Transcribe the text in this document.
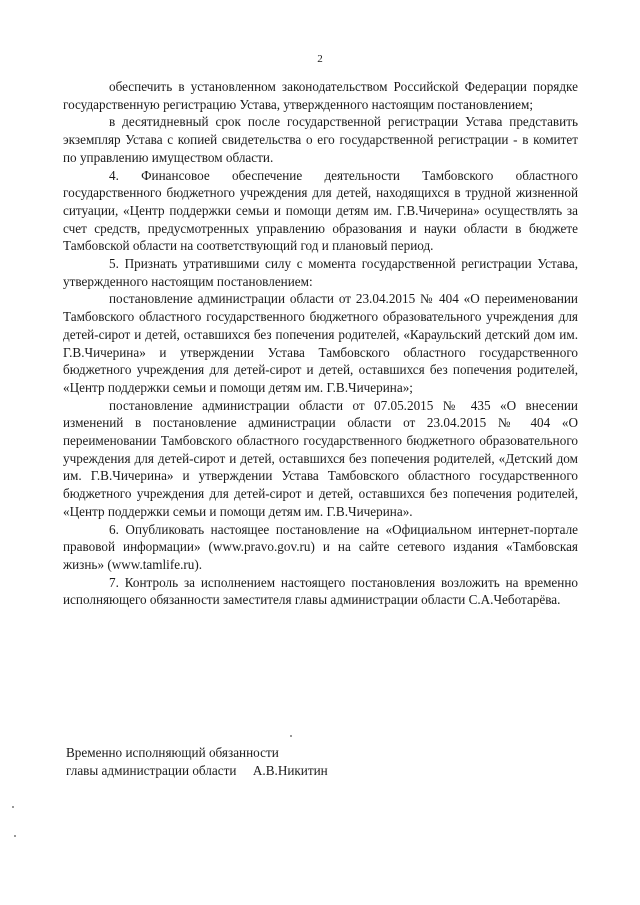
2

обеспечить в установленном законодательством Российской Федерации порядке государственную регистрацию Устава, утвержденного настоящим постановлением;

в десятидневный срок после государственной регистрации Устава представить экземпляр Устава с копией свидетельства о его государственной регистрации - в комитет по управлению имуществом области.

4. Финансовое обеспечение деятельности Тамбовского областного государственного бюджетного учреждения для детей, находящихся в трудной жизненной ситуации, «Центр поддержки семьи и помощи детям им. Г.В.Чичерина» осуществлять за счет средств, предусмотренных управлению образования и науки области в бюджете Тамбовской области на соответствующий год и плановый период.

5. Признать утратившими силу с момента государственной регистрации Устава, утвержденного настоящим постановлением:

постановление администрации области от 23.04.2015 № 404 «О переименовании Тамбовского областного государственного бюджетного образовательного учреждения для детей-сирот и детей, оставшихся без попечения родителей, «Караульский детский дом им. Г.В.Чичерина» и утверждении Устава Тамбовского областного государственного бюджетного учреждения для детей-сирот и детей, оставшихся без попечения родителей, «Центр поддержки семьи и помощи детям им. Г.В.Чичерина»;

постановление администрации области от 07.05.2015 № 435 «О внесении изменений в постановление администрации области от 23.04.2015 № 404 «О переименовании Тамбовского областного государственного бюджетного образовательного учреждения для детей-сирот и детей, оставшихся без попечения родителей, «Детский дом им. Г.В.Чичерина» и утверждении Устава Тамбовского областного государственного бюджетного учреждения для детей-сирот и детей, оставшихся без попечения родителей, «Центр поддержки семьи и помощи детям им. Г.В.Чичерина».

6. Опубликовать настоящее постановление на «Официальном интернет-портале правовой информации» (www.pravo.gov.ru) и на сайте сетевого издания «Тамбовская жизнь» (www.tamlife.ru).

7. Контроль за исполнением настоящего постановления возложить на временно исполняющего обязанности заместителя главы администрации области С.А.Чеботарёва.

Временно исполняющий обязанности
главы администрации области А.В.Никитин
